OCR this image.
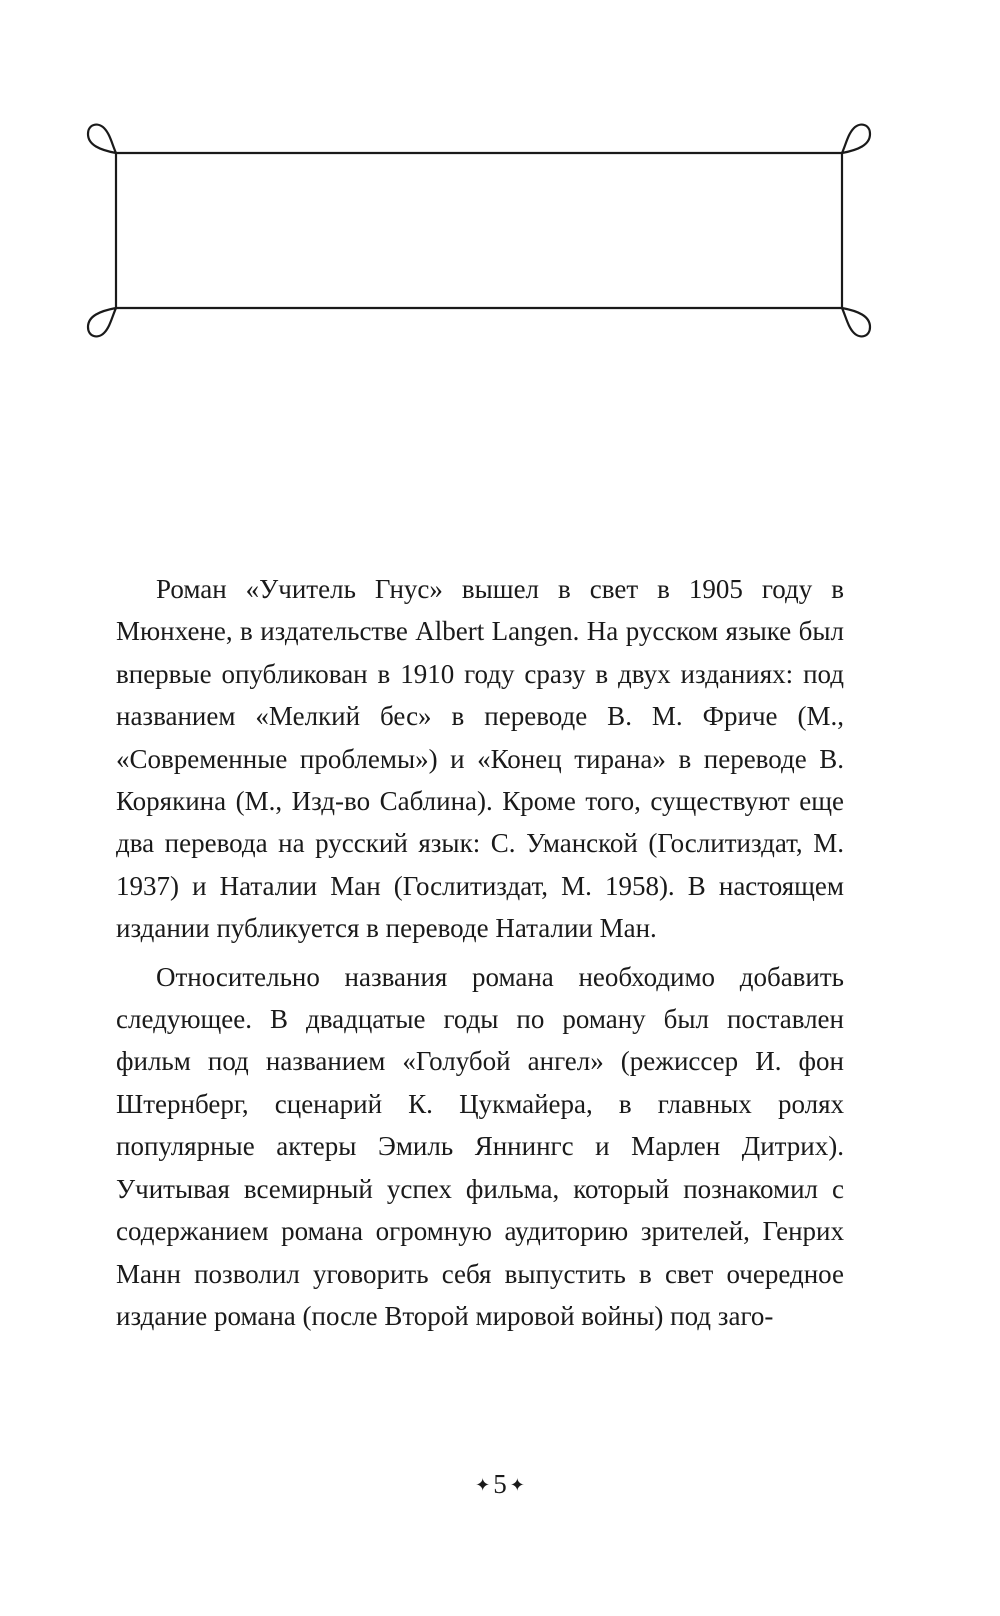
Роман «Учитель Гнус» вышел в свет в 1905 году в Мюнхене, в издательстве Albert Langen. На русском языке был впервые опубликован в 1910 году сразу в двух изданиях: под названием «Мелкий бес» в переводе В. М. Фриче (М., «Современные проблемы») и «Конец тирана» в переводе В. Корякина (М., Изд-во Саблина). Кроме того, существуют еще два перевода на русский язык: С. Уманской (Гослитиздат, М. 1937) и Наталии Ман (Гослитиздат, М. 1958). В настоящем издании публикуется в переводе Наталии Ман.

Относительно названия романа необходимо добавить следующее. В двадцатые годы по роману был поставлен фильм под названием «Голубой ангел» (режиссер И. фон Штернберг, сценарий К. Цукмайера, в главных ролях популярные актеры Эмиль Яннингс и Марлен Дитрих). Учитывая всемирный успех фильма, который познакомил с содержанием романа огромную аудиторию зрителей, Генрих Манн позволил уговорить себя выпустить в свет очередное издание романа (после Второй мировой войны) под заго-

✦ 5 ✦
